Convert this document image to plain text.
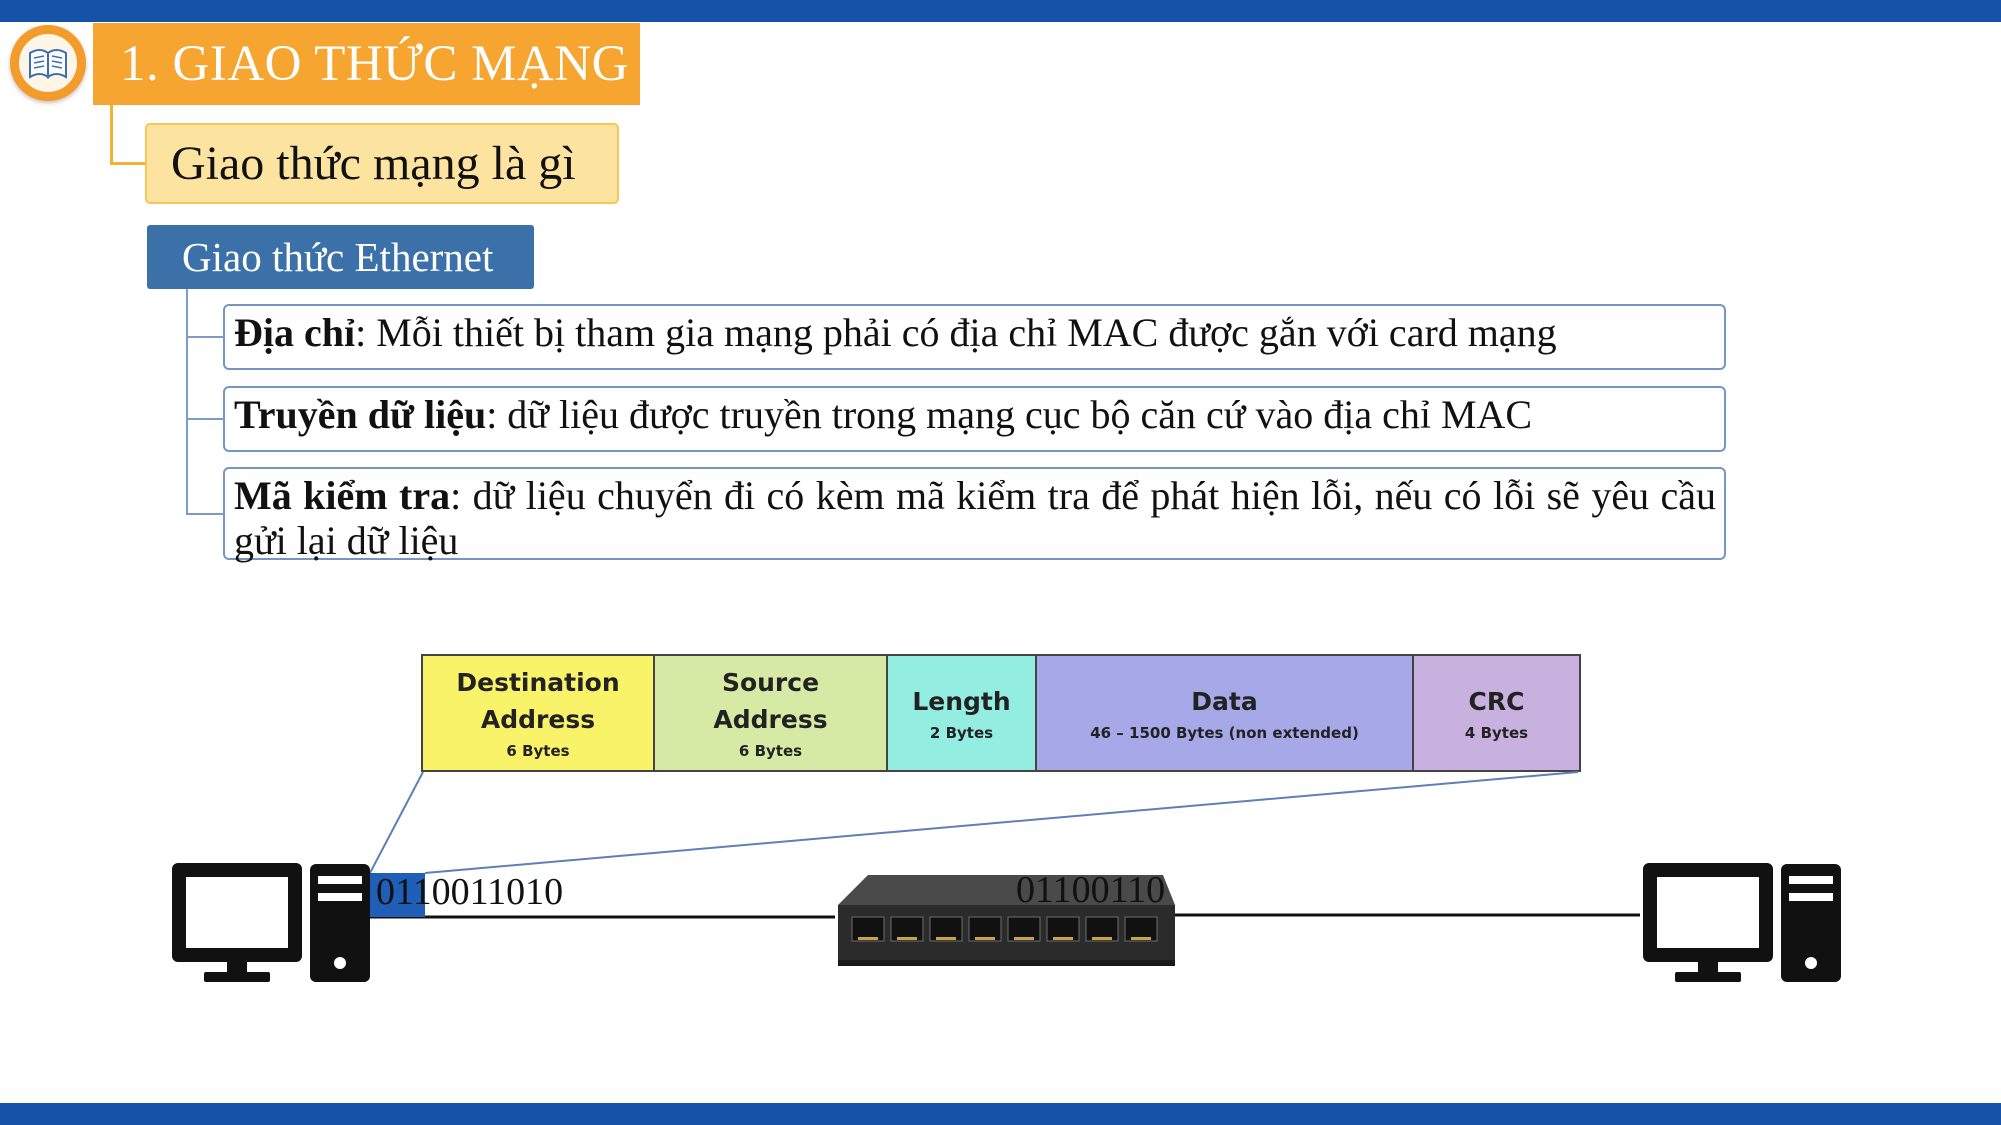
1. GIAO THỨC MẠNG
Giao thức mạng là gì
Giao thức Ethernet
Địa chỉ: Mỗi thiết bị tham gia mạng phải có địa chỉ MAC được gắn với card mạng
Truyền dữ liệu: dữ liệu được truyền trong mạng cục bộ căn cứ vào địa chỉ MAC
Mã kiểm tra: dữ liệu chuyển đi có kèm mã kiểm tra để phát hiện lỗi, nếu có lỗi sẽ yêu cầu gửi lại dữ liệu
Destination
Address
6 Bytes
Source
Address
6 Bytes
Length
2 Bytes
Data
46 – 1500 Bytes (non extended)
CRC
4 Bytes
0110011010	01100110
